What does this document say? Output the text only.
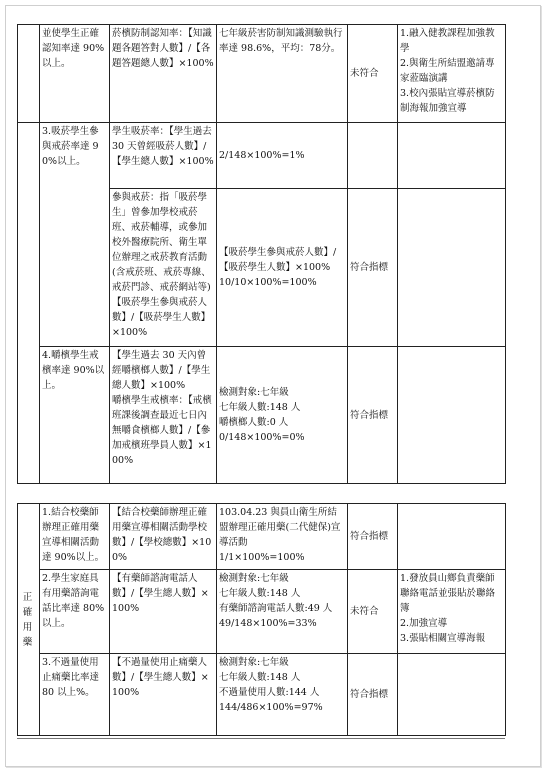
	並使學生正確認知率達 90%以上。	菸檳防制認知率：【知識題各題答對人數】/【各題答題總人數】×100%	七年級菸害防制知識測驗執行率達 98.6%，平均：78分。	未符合	1.融入健教課程加強教學
2.與衛生所結盟邀請專家蒞臨演講
3.校內張貼宣導菸檳防制海報加強宣導
	3.吸菸學生參與戒菸率達 90%以上。	學生吸菸率：【學生過去 30 天曾經吸菸人數】/【學生總人數】×100%	2/148×100%=1%		
		參與戒菸：指「吸菸學生」曾參加學校戒菸班、戒菸輔導，或參加校外醫療院所、衛生單位辦理之戒菸教育活動(含戒菸班、戒菸專線、戒菸門診、戒菸網站等)【吸菸學生參與戒菸人數】/【吸菸學生人數】×100%	【吸菸學生參與戒菸人數】/【吸菸學生人數】×100%
10/10×100%=100%	符合指標	
	4.嚼檳學生戒檳率達 90%以上。	【學生過去 30 天內曾經嚼檳榔人數】/【學生總人數】×100%
嚼檳學生戒檳率：【戒檳班課後調查最近七日內無嚼食檳榔人數】/【參加戒檳班學員人數】×100%	檢測對象:七年級
七年級人數:148 人
嚼檳榔人數:0 人
0/148×100%=0%	符合指標	
正確用藥	1.結合校藥師辦理正確用藥宣導相關活動達 90%以上。	【結合校藥師辦理正確用藥宣導相關活動學校數】/【學校總數】×100%	103.04.23 與員山衛生所結盟辦理正確用藥(二代健保)宣導活動
1/1×100%=100%	符合指標	
	2.學生家庭具有用藥諮詢電話比率達 80%以上。	【有藥師諮詢電話人數】/【學生總人數】×100%	檢測對象:七年級
七年級人數:148 人
有藥師諮詢電話人數:49 人
49/148×100%=33%	未符合	1.發放員山鄉負責藥師聯絡電話並張貼於聯絡簿
2.加強宣導
3.張貼相關宣導海報
	3.不過量使用止痛藥比率達 80 以上%。	【不過量使用止痛藥人數】/【學生總人數】×100%	檢測對象:七年級
七年級人數:148 人
不過量使用人數:144 人
144/486×100%=97%	符合指標	
